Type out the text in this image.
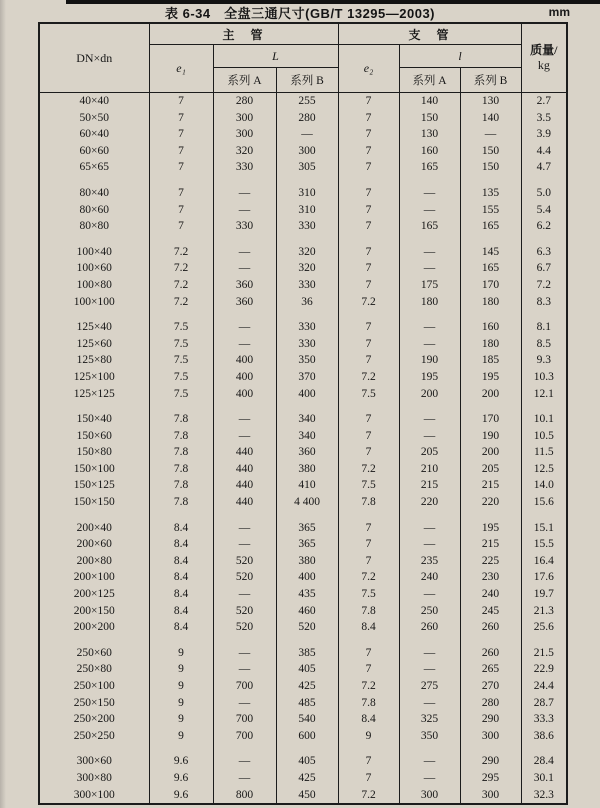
表 6-34　全盘三通尺寸(GB/T 13295—2003)	mm
DN×dn	主　管			支　管			质量/
kg
	e₁	L		e₂	l		
		系列 A	系列 B		系列 A	系列 B	
40×40	7	280	255	7	140	130	2.7
50×50	7	300	280	7	150	140	3.5
60×40	7	300	—	7	130	—	3.9
60×60	7	320	300	7	160	150	4.4
65×65	7	330	305	7	165	150	4.7

80×40	7	—	310	7	—	135	5.0
80×60	7	—	310	7	—	155	5.4
80×80	7	330	330	7	165	165	6.2

100×40	7.2	—	320	7	—	145	6.3
100×60	7.2	—	320	7	—	165	6.7
100×80	7.2	360	330	7	175	170	7.2
100×100	7.2	360	36	7.2	180	180	8.3

125×40	7.5	—	330	7	—	160	8.1
125×60	7.5	—	330	7	—	180	8.5
125×80	7.5	400	350	7	190	185	9.3
125×100	7.5	400	370	7.2	195	195	10.3
125×125	7.5	400	400	7.5	200	200	12.1

150×40	7.8	—	340	7	—	170	10.1
150×60	7.8	—	340	7	—	190	10.5
150×80	7.8	440	360	7	205	200	11.5
150×100	7.8	440	380	7.2	210	205	12.5
150×125	7.8	440	410	7.5	215	215	14.0
150×150	7.8	440	4 400	7.8	220	220	15.6

200×40	8.4	—	365	7	—	195	15.1
200×60	8.4	—	365	7	—	215	15.5
200×80	8.4	520	380	7	235	225	16.4
200×100	8.4	520	400	7.2	240	230	17.6
200×125	8.4	—	435	7.5	—	240	19.7
200×150	8.4	520	460	7.8	250	245	21.3
200×200	8.4	520	520	8.4	260	260	25.6

250×60	9	—	385	7	—	260	21.5
250×80	9	—	405	7	—	265	22.9
250×100	9	700	425	7.2	275	270	24.4
250×150	9	—	485	7.8	—	280	28.7
250×200	9	700	540	8.4	325	290	33.3
250×250	9	700	600	9	350	300	38.6

300×60	9.6	—	405	7	—	290	28.4
300×80	9.6	—	425	7	—	295	30.1
300×100	9.6	800	450	7.2	300	300	32.3
